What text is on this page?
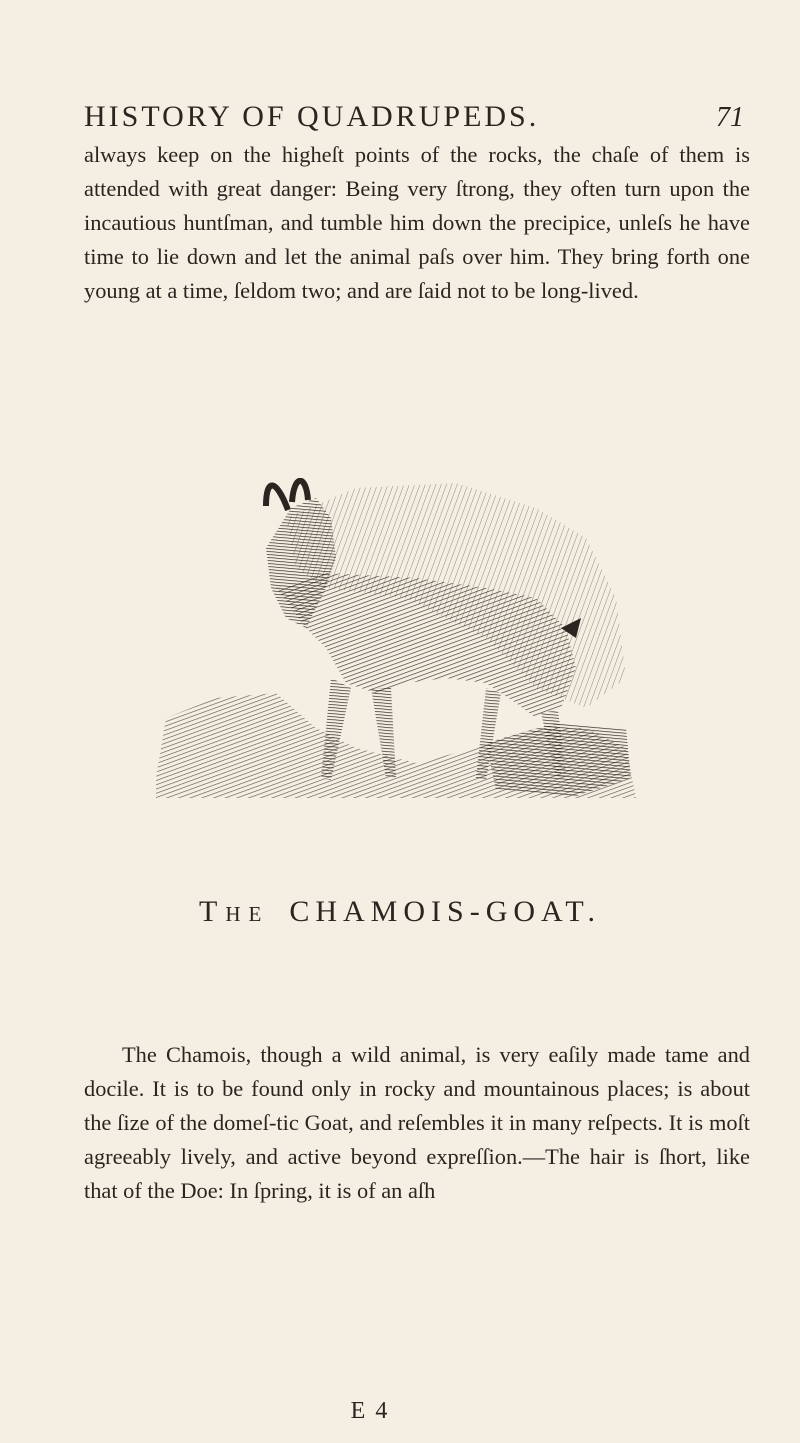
HISTORY OF QUADRUPEDS.	71

always keep on the higheſt points of the rocks, the chaſe of them is attended with great danger: Being very ſtrong, they often turn upon the incautious huntſman, and tumble him down the precipice, unleſs he have time to lie down and let the animal paſs over him. They bring forth one young at a time, ſeldom two; and are ſaid not to be long-lived.

The CHAMOIS-GOAT.

The Chamois, though a wild animal, is very eaſily made tame and docile. It is to be found only in rocky and mountainous places; is about the ſize of the domeſ-tic Goat, and reſembles it in many reſpects. It is moſt agreeably lively, and active beyond expreſſion.—The hair is ſhort, like that of the Doe: In ſpring, it is of an aſh

E 4
